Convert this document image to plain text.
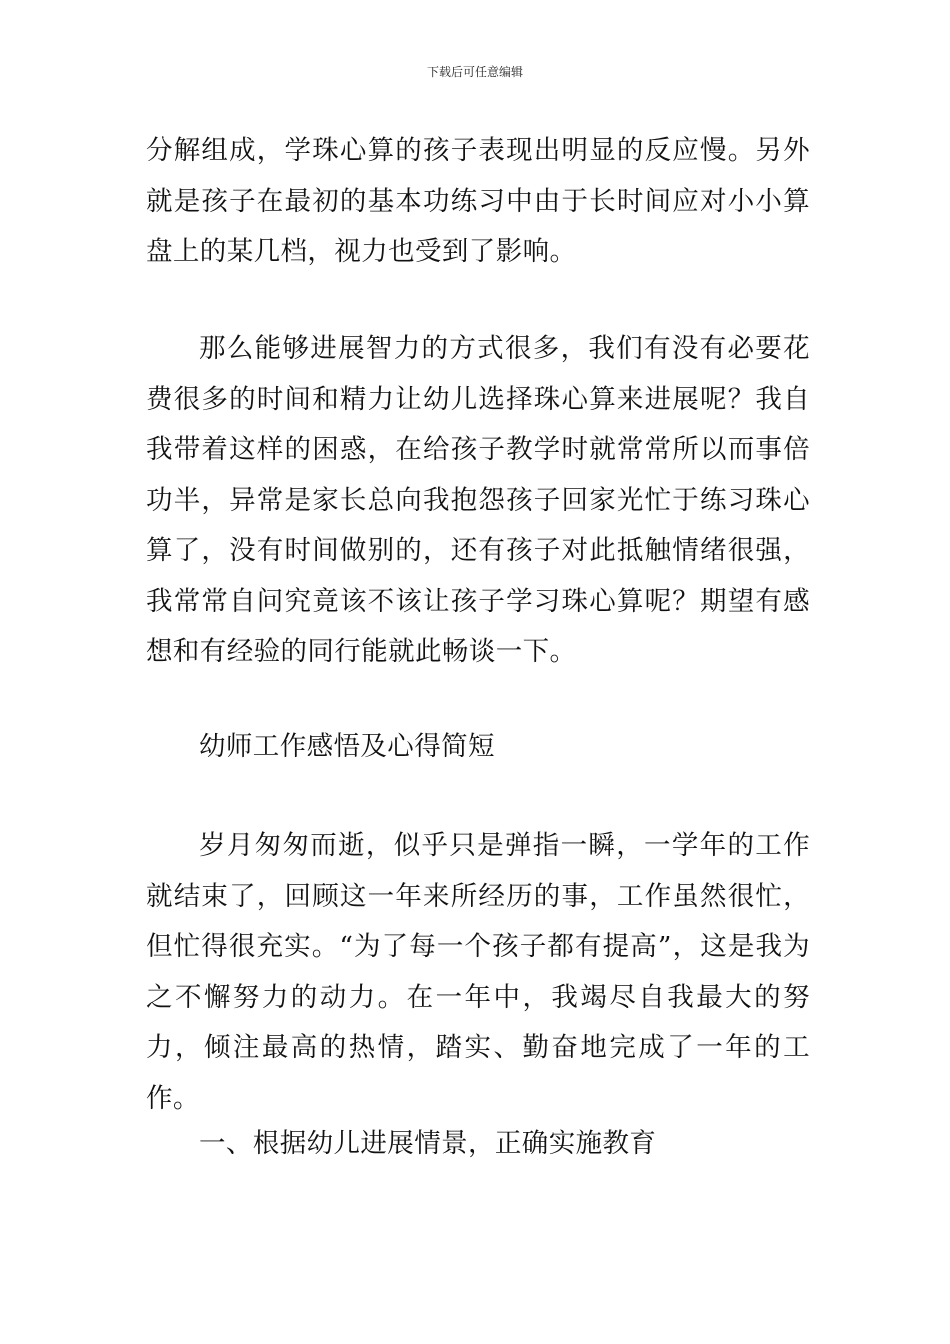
下载后可任意编辑

分解组成，学珠心算的孩子表现出明显的反应慢。另外就是孩子在最初的基本功练习中由于长时间应对小小算盘上的某几档，视力也受到了影响。

那么能够进展智力的方式很多，我们有没有必要花费很多的时间和精力让幼儿选择珠心算来进展呢？我自我带着这样的困惑，在给孩子教学时就常常所以而事倍功半，异常是家长总向我抱怨孩子回家光忙于练习珠心算了，没有时间做别的，还有孩子对此抵触情绪很强，我常常自问究竟该不该让孩子学习珠心算呢？期望有感想和有经验的同行能就此畅谈一下。

幼师工作感悟及心得简短

岁月匆匆而逝，似乎只是弹指一瞬，一学年的工作就结束了，回顾这一年来所经历的事，工作虽然很忙，但忙得很充实。“为了每一个孩子都有提高”，这是我为之不懈努力的动力。在一年中，我竭尽自我最大的努力，倾注最高的热情，踏实、勤奋地完成了一年的工作。

一、根据幼儿进展情景，正确实施教育
